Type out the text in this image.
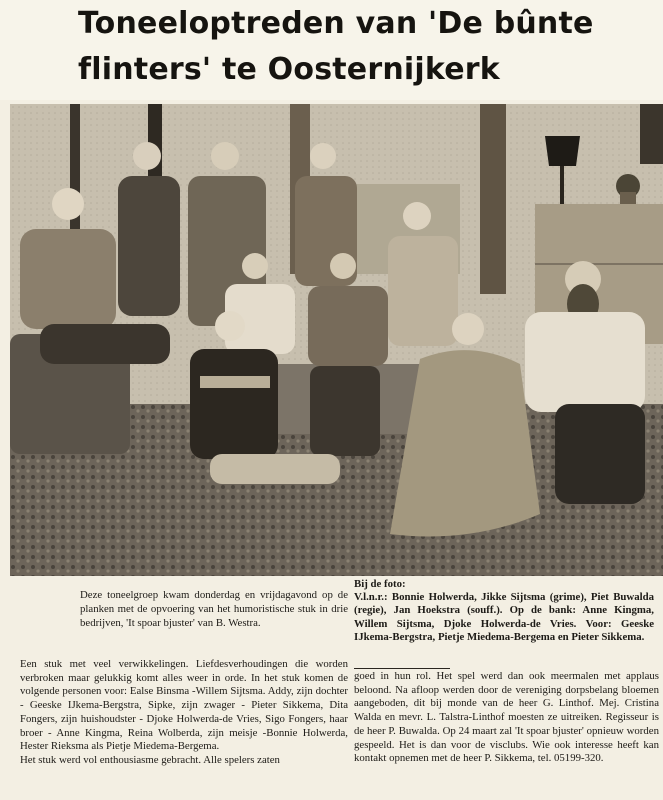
Toneeloptreden van 'De bûnte
flinters' te Oosternijkerk
Deze toneelgroep kwam donderdag en vrijdagavond op de planken met de opvoering van het humoristische stuk in drie bedrijven, 'It spoar bjuster' van B. Westra.
Bij de foto:
V.l.n.r.: Bonnie Holwerda, Jikke Sijtsma (grime), Piet Buwalda (regie), Jan Hoekstra (souff.). Op de bank: Anne Kingma, Willem Sijtsma, Djoke Holwerda-de Vries. Voor: Geeske IJkema-Bergstra, Pietje Miedema-Bergema en Pieter Sikkema.

Een stuk met veel verwikkelingen. Liefdesverhoudingen die worden verbroken maar gelukkig komt alles weer in orde. In het stuk komen de volgende personen voor: Ealse Binsma -Willem Sijtsma. Addy, zijn dochter - Geeske IJkema-Bergstra, Sipke, zijn zwager - Pieter Sikkema, Dita Fongers, zijn huishoudster - Djoke Holwerda-de Vries, Sigo Fongers, haar broer - Anne Kingma, Reina Wolberda, zijn meisje -Bonnie Holwerda, Hester Rieksma als Pietje Miedema-Bergema.

Het stuk werd vol enthousiasme gebracht. Alle spelers zaten

goed in hun rol. Het spel werd dan ook meermalen met applaus beloond. Na afloop werden door de vereniging dorpsbelang bloemen aangeboden, dit bij monde van de heer G. Linthof. Mej. Cristina Walda en mevr. L. Talstra-Linthof moesten ze uitreiken. Regisseur is de heer P. Buwalda. Op 24 maart zal 'It spoar bjuster' opnieuw worden gespeeld. Het is dan voor de visclubs. Wie ook interesse heeft kan kontakt opnemen met de heer P. Sikkema, tel. 05199-320.
